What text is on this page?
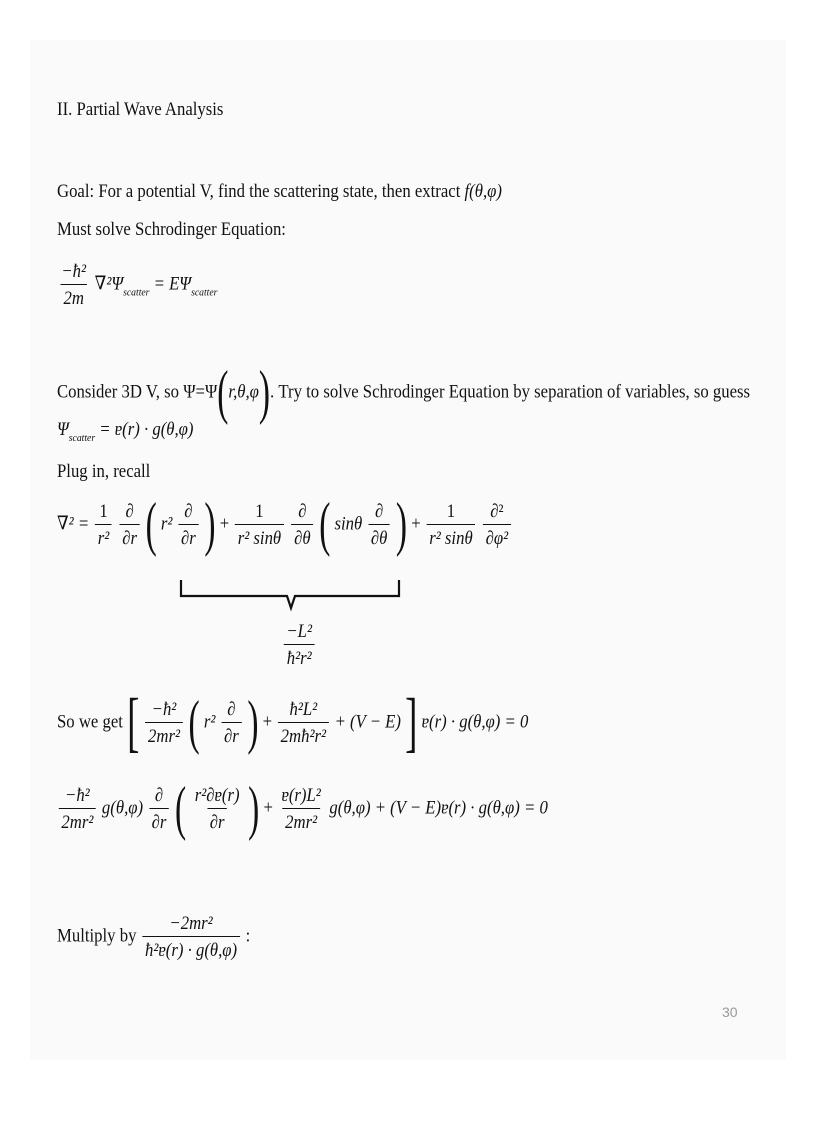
II. Partial Wave Analysis
Goal: For a potential V, find the scattering state, then extract f(θ,φ)
Must solve Schrodinger Equation:
$\frac{\text{−ħ²}}{2m} \nabla^2\Psi_{scatter} = E\Psi_{scatter}$
Consider 3D V, so Ψ=Ψ(r,θ,φ). Try to solve Schrodinger Equation by separation of variables, so guess
$\Psi_{scatter}$ = ɐ(r) · g(θ,φ)
Plug in, recall
$\nabla^2 = \frac{1}{\text{r²}}$
$\frac{\partial}{\partial r}$ ( $r^2 \frac{\partial}{\partial r}$ ) + $\frac{1}{\text{r² sinθ}}$
$\frac{\partial}{\partial\theta}$ ( sinθ $\frac{\partial}{\partial\theta}$ ) + $\frac{1}{\text{r² sinθ}}$
$\frac{\text{∂²}}{\text{∂φ²}}$
$\frac{\text{−L²}}{\text{ħ²r²}}$
So we get [ $\frac{\text{−ħ²}}{\text{2mr²}}$ ( $r^2 \frac{\partial}{\partial r}$ ) + $\frac{\text{ħ²L²}}{\text{2mħ²r²}} + (V - E)$ ] ɐ(r) · g(θ,φ) = 0
$\frac{\text{−ħ²}}{\text{2mr²}} g(\theta,\varphi) \frac{\partial}{\partial r}$ ( $\frac{\text{r²∂ɐ(r)}}{\partial r}$ ) + $\frac{\text{ɐ(r)L²}}{\text{2mr²}} g(\theta,\varphi) + (V$ − E)ɐ(r) · g(θ,φ) = 0
Multiply by $\frac{\text{−2mr²}}{\text{ħ²ɐ(r) · g(θ,φ)}}$ :
30
